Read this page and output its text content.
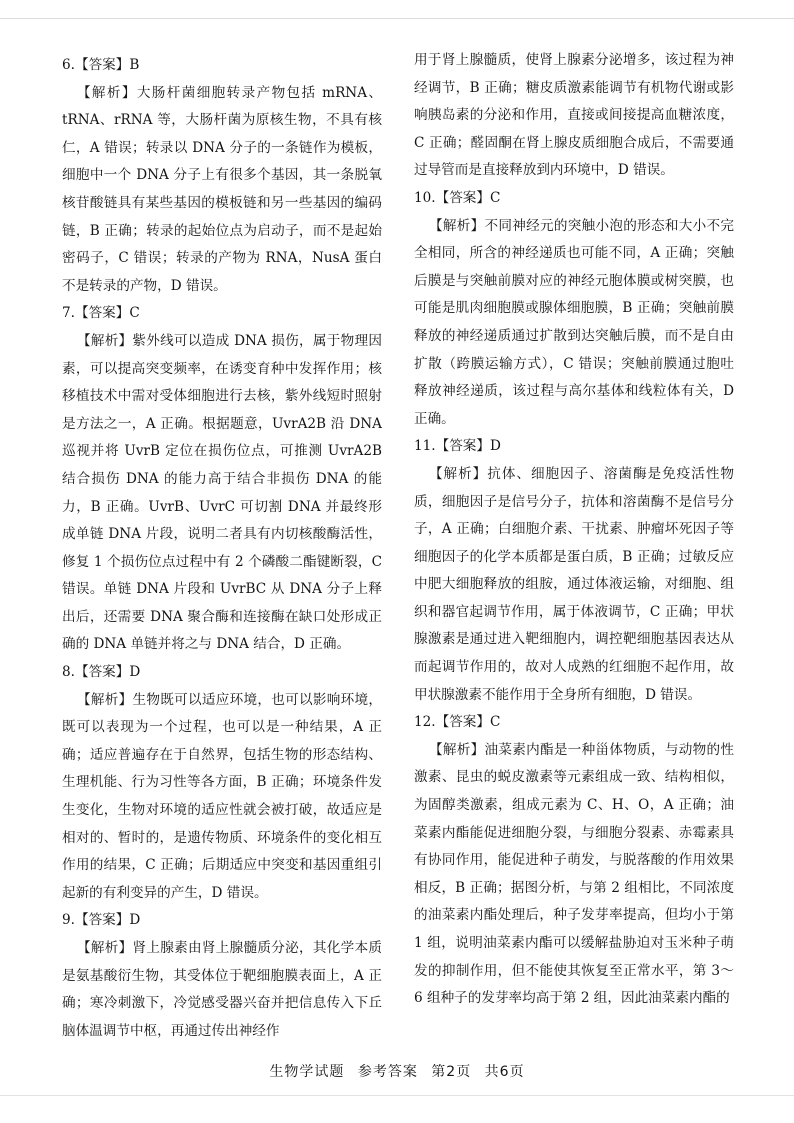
6.【答案】B

【解析】大肠杆菌细胞转录产物包括 mRNA、tRNA、rRNA 等，大肠杆菌为原核生物，不具有核仁，A 错误；转录以 DNA 分子的一条链作为模板，细胞中一个 DNA 分子上有很多个基因，其一条脱氧核苷酸链具有某些基因的模板链和另一些基因的编码链，B 正确；转录的起始位点为启动子，而不是起始密码子，C 错误；转录的产物为 RNA，NusA 蛋白不是转录的产物，D 错误。

7.【答案】C

【解析】紫外线可以造成 DNA 损伤，属于物理因素，可以提高突变频率，在诱变育种中发挥作用；核移植技术中需对受体细胞进行去核，紫外线短时照射是方法之一，A 正确。根据题意，UvrA2B 沿 DNA 巡视并将 UvrB 定位在损伤位点，可推测 UvrA2B 结合损伤 DNA 的能力高于结合非损伤 DNA 的能力，B 正确。UvrB、UvrC 可切割 DNA 并最终形成单链 DNA 片段，说明二者具有内切核酸酶活性，修复 1 个损伤位点过程中有 2 个磷酸二酯键断裂，C 错误。单链 DNA 片段和 UvrBC 从 DNA 分子上释出后，还需要 DNA 聚合酶和连接酶在缺口处形成正确的 DNA 单链并将之与 DNA 结合，D 正确。

8.【答案】D

【解析】生物既可以适应环境，也可以影响环境，既可以表现为一个过程，也可以是一种结果，A 正确；适应普遍存在于自然界，包括生物的形态结构、生理机能、行为习性等各方面，B 正确；环境条件发生变化，生物对环境的适应性就会被打破，故适应是相对的、暂时的，是遗传物质、环境条件的变化相互作用的结果，C 正确；后期适应中突变和基因重组引起新的有利变异的产生，D 错误。

9.【答案】D

【解析】肾上腺素由肾上腺髓质分泌，其化学本质是氨基酸衍生物，其受体位于靶细胞膜表面上，A 正确；寒冷刺激下，冷觉感受器兴奋并把信息传入下丘脑体温调节中枢，再通过传出神经作

用于肾上腺髓质，使肾上腺素分泌增多，该过程为神经调节，B 正确；糖皮质激素能调节有机物代谢或影响胰岛素的分泌和作用，直接或间接提高血糖浓度，C 正确；醛固酮在肾上腺皮质细胞合成后，不需要通过导管而是直接释放到内环境中，D 错误。

10.【答案】C

【解析】不同神经元的突触小泡的形态和大小不完全相同，所含的神经递质也可能不同，A 正确；突触后膜是与突触前膜对应的神经元胞体膜或树突膜，也可能是肌肉细胞膜或腺体细胞膜，B 正确；突触前膜释放的神经递质通过扩散到达突触后膜，而不是自由扩散（跨膜运输方式），C 错误；突触前膜通过胞吐释放神经递质，该过程与高尔基体和线粒体有关，D 正确。

11.【答案】D

【解析】抗体、细胞因子、溶菌酶是免疫活性物质，细胞因子是信号分子，抗体和溶菌酶不是信号分子，A 正确；白细胞介素、干扰素、肿瘤坏死因子等细胞因子的化学本质都是蛋白质，B 正确；过敏反应中肥大细胞释放的组胺，通过体液运输，对细胞、组织和器官起调节作用，属于体液调节，C 正确；甲状腺激素是通过进入靶细胞内，调控靶细胞基因表达从而起调节作用的，故对人成熟的红细胞不起作用，故甲状腺激素不能作用于全身所有细胞，D 错误。

12.【答案】C

【解析】油菜素内酯是一种甾体物质，与动物的性激素、昆虫的蜕皮激素等元素组成一致、结构相似，为固醇类激素，组成元素为 C、H、O，A 正确；油菜素内酯能促进细胞分裂，与细胞分裂素、赤霉素具有协同作用，能促进种子萌发，与脱落酸的作用效果相反，B 正确；据图分析，与第 2 组相比，不同浓度的油菜素内酯处理后，种子发芽率提高，但均小于第 1 组，说明油菜素内酯可以缓解盐胁迫对玉米种子萌发的抑制作用，但不能使其恢复至正常水平，第 3～6 组种子的发芽率均高于第 2 组，因此油菜素内酯的

生物学试题 参考答案 第2页 共6页
